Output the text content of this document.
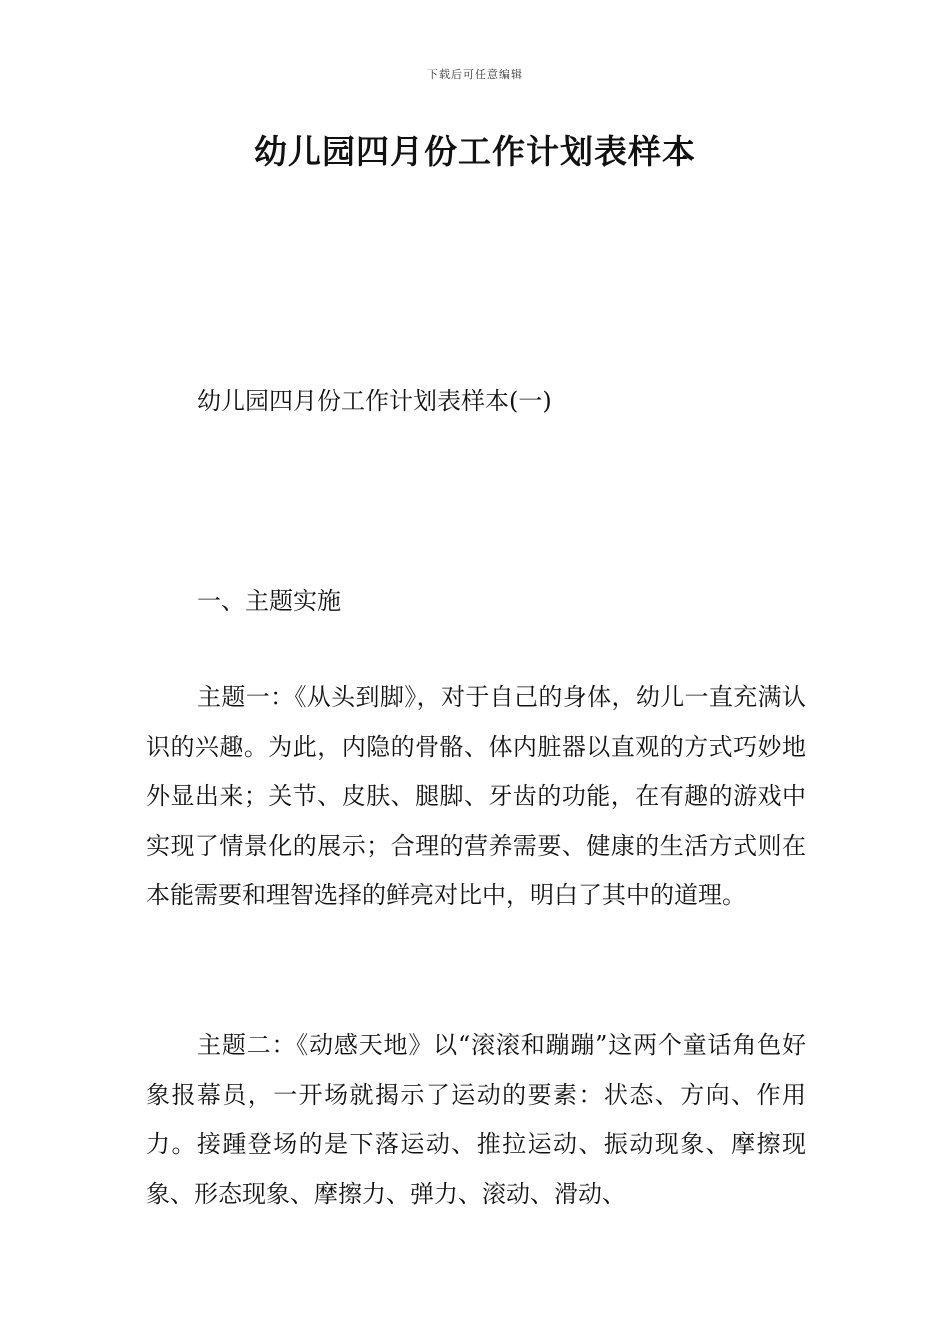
下载后可任意编辑
幼儿园四月份工作计划表样本

幼儿园四月份工作计划表样本(一)

一、主题实施

主题一：《从头到脚》，对于自己的身体，幼儿一直充满认识的兴趣。为此，内隐的骨骼、体内脏器以直观的方式巧妙地外显出来；关节、皮肤、腿脚、牙齿的功能，在有趣的游戏中实现了情景化的展示；合理的营养需要、健康的生活方式则在本能需要和理智选择的鲜亮对比中，明白了其中的道理。

主题二：《动感天地》以“滚滚和蹦蹦”这两个童话角色好象报幕员，一开场就揭示了运动的要素：状态、方向、作用力。接踵登场的是下落运动、推拉运动、振动现象、摩擦现象、形态现象、摩擦力、弹力、滚动、滑动、
